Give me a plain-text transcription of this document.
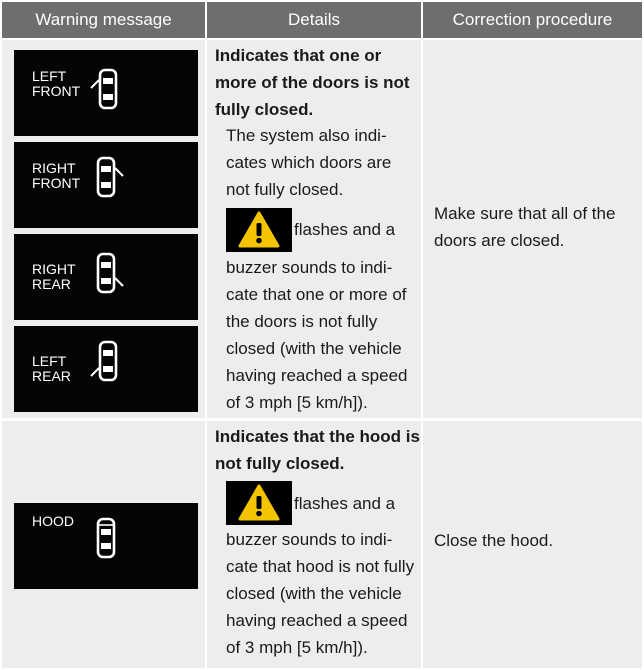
Warning message	Details	Correction procedure
LEFT
FRONT
RIGHT
FRONT
RIGHT
REAR
LEFT
REAR
Indicates that one or
more of the doors is not
fully closed.
The system also indi-
cates which doors are
not fully closed.
flashes and a
buzzer sounds to indi-
cate that one or more of
the doors is not fully
closed (with the vehicle
having reached a speed
of 3 mph [5 km/h]).
Make sure that all of the
doors are closed.
HOOD
Indicates that the hood is
not fully closed.
flashes and a
buzzer sounds to indi-
cate that hood is not fully
closed (with the vehicle
having reached a speed
of 3 mph [5 km/h]).
Close the hood.
